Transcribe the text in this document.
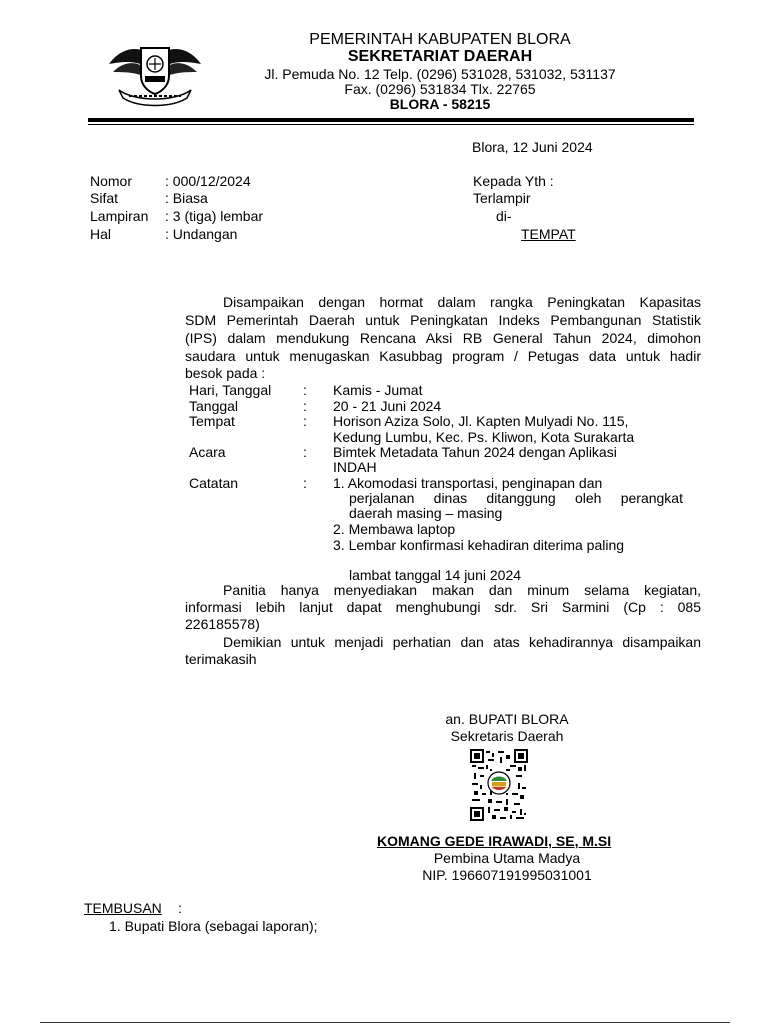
PEMERINTAH KABUPATEN BLORA
SEKRETARIAT DAERAH
Jl. Pemuda No. 12 Telp. (0296) 531028, 531032, 531137
Fax. (0296) 531834 Tlx. 22765
BLORA - 58215
Blora, 12 Juni 2024
Nomor : 000/12/2024
Sifat	: Biasa
Lampiran : 3 (tiga) lembar
Hal	: Undangan
Kepada Yth :
Terlampir
di-
TEMPAT
Disampaikan dengan hormat dalam rangka Peningkatan Kapasitas
SDM Pemerintah Daerah untuk Peningkatan Indeks Pembangunan Statistik
(IPS) dalam mendukung Rencana Aksi RB General Tahun 2024, dimohon
saudara untuk menugaskan Kasubbag program / Petugas data untuk hadir
besok pada :
Hari, Tanggal : Kamis - Jumat
Tanggal	: 20 - 21 Juni 2024
Tempat	: Horison Aziza Solo, Jl. Kapten Mulyadi No. 115,
Kedung Lumbu, Kec. Ps. Kliwon, Kota Surakarta
Acara	: Bimtek Metadata Tahun 2024 dengan Aplikasi
INDAH
Catatan	: 1. Akomodasi transportasi, penginapan dan
perjalanan dinas ditanggung oleh perangkat
daerah masing – masing
2. Membawa laptop
3. Lembar konfirmasi kehadiran diterima paling
lambat tanggal 14 juni 2024
Panitia hanya menyediakan makan dan minum selama kegiatan,
informasi lebih lanjut dapat menghubungi sdr. Sri Sarmini (Cp : 085
226185578)
Demikian untuk menjadi perhatian dan atas kehadirannya disampaikan
terimakasih
an. BUPATI BLORA
Sekretaris Daerah
KOMANG GEDE IRAWADI, SE, M.SI
Pembina Utama Madya
NIP. 196607191995031001
TEMBUSAN :
1. Bupati Blora (sebagai laporan);
